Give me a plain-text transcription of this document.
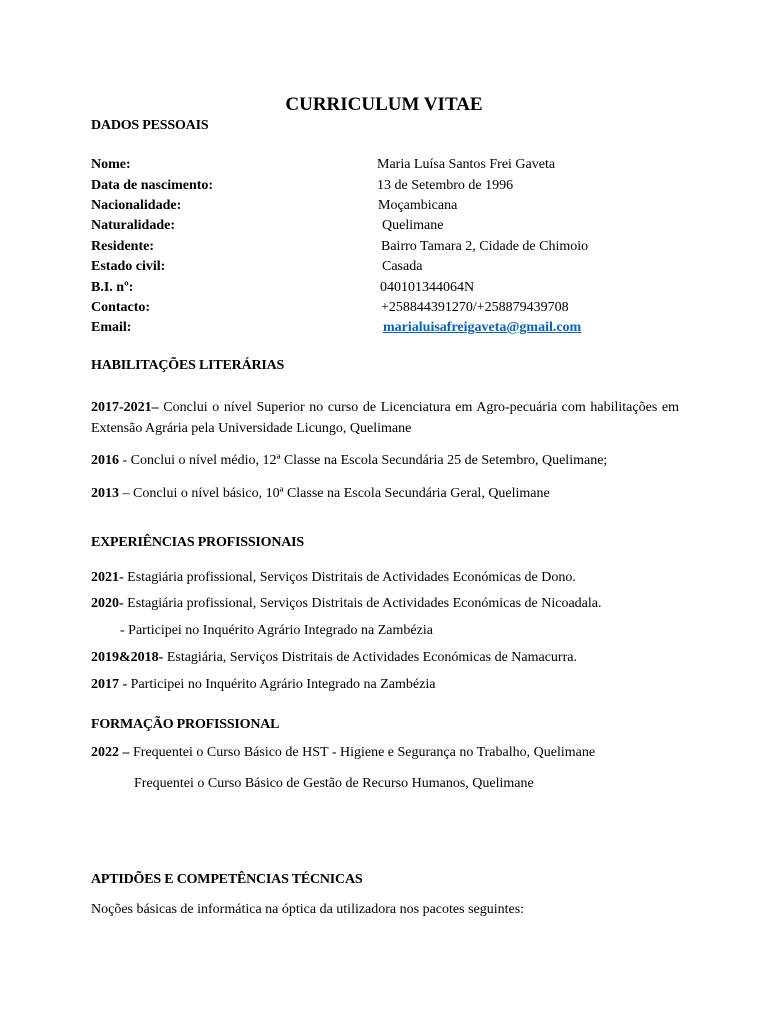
CURRICULUM VITAE
DADOS PESSOAIS
Nome:	Maria Luísa Santos Frei Gaveta
Data de nascimento:	13 de Setembro de 1996
Nacionalidade:	Moçambicana
Naturalidade:	Quelimane
Residente:	Bairro Tamara 2, Cidade de Chimoio
Estado civil:	Casada
B.I. nº:	040101344064N
Contacto:	+258844391270/+258879439708
Email:	marialuisafreigaveta@gmail.com
HABILITAÇÕES LITERÁRIAS

2017-2021– Conclui o nível Superior no curso de Licenciatura em Agro-pecuária com habilitações em Extensão Agrária pela Universidade Licungo, Quelimane

2016 - Conclui o nível médio, 12ª Classe na Escola Secundária 25 de Setembro, Quelimane;

2013 – Conclui o nível básico, 10ª Classe na Escola Secundária Geral, Quelimane

EXPERIÊNCIAS PROFISSIONAIS

2021- Estagiária profissional, Serviços Distritais de Actividades Económicas de Dono.

2020- Estagiária profissional, Serviços Distritais de Actividades Económicas de Nicoadala.

- Participei no Inquérito Agrário Integrado na Zambézia

2019&2018- Estagiária, Serviços Distritais de Actividades Económicas de Namacurra.

2017 - Participei no Inquérito Agrário Integrado na Zambézia

FORMAÇÃO PROFISSIONAL

2022 – Frequentei o Curso Básico de HST - Higiene e Segurança no Trabalho, Quelimane

Frequentei o Curso Básico de Gestão de Recurso Humanos, Quelimane

APTIDÕES E COMPETÊNCIAS TÉCNICAS

Noções básicas de informática na óptica da utilizadora nos pacotes seguintes:
